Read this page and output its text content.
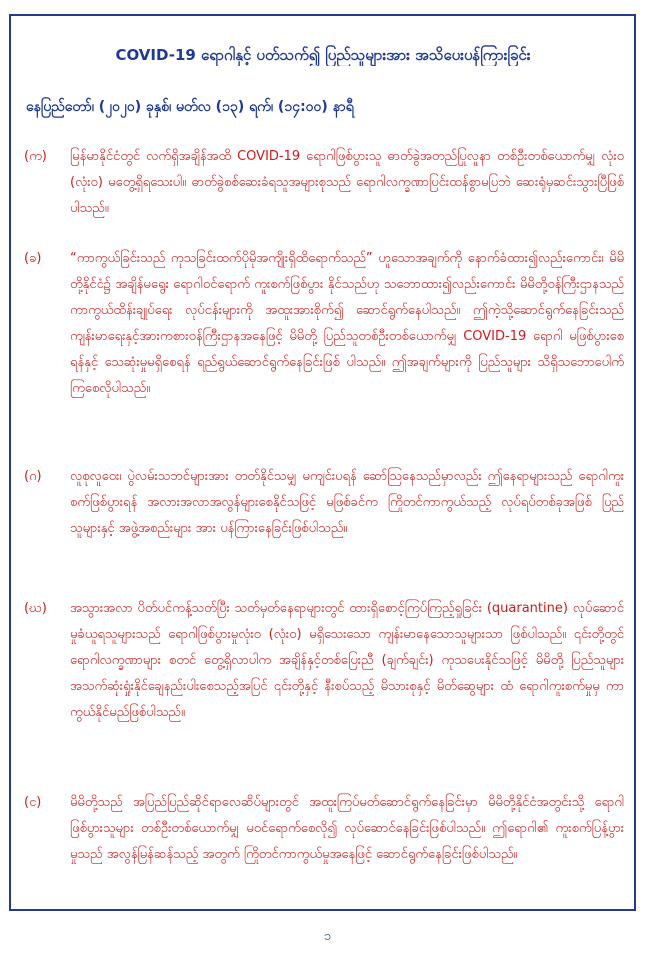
COVID-19 ရောဂါနှင့် ပတ်သက်၍ ပြည်သူများအား အသိပေးပန်ကြားခြင်း
နေပြည်တော်၊ (၂၀၂၀) ခုနှစ်၊ မတ်လ (၁၃) ရက်၊ (၁၄:၀၀) နာရီ
(က)	မြန်မာနိုင်ငံတွင် လက်ရှိအချိန်အထိ COVID-19 ရောဂါဖြစ်ပွားသူ ဓာတ်ခွဲအတည်ပြုလူနာ တစ်ဦးတစ်ယောက်မျှ လုံး၀ (လုံး၀) မတွေ့ရှိရသေးပါ။ ဓာတ်ခွဲစစ်ဆေးခံရသူအများစုသည် ရောဂါလက္ခဏာပြင်းထန်စွာမပြဘဲ ဆေးရုံမှဆင်းသွားပြီဖြစ်ပါသည်။
(ခ)	“ကာကွယ်ခြင်းသည် ကုသခြင်းထက်ပိုမိုအကျိုးရှိထိရောက်သည်” ဟူသောအချက်ကို နောက်ခံထား၍လည်းကောင်း၊ မိမိတို့နိုင်ငံ၌ အချိန်မရွေး ရောဂါဝင်ရောက် ကူးစက်ဖြစ်ပွား နိုင်သည်ဟု သဘောထား၍လည်းကောင်း မိမိတို့ဝန်ကြီးဌာနသည် ကာကွယ်ထိန်းချုပ်ရေး လုပ်ငန်းများကို အထူးအားစိုက်၍ ဆောင်ရွက်နေပါသည်။ ဤကဲ့သို့ဆောင်ရွက်နေခြင်းသည် ကျန်းမာရေးနှင့်အားကစားဝန်ကြီးဌာနအနေဖြင့် မိမိတို့ ပြည်သူတစ်ဦးတစ်ယောက်မျှ COVID-19 ရောဂါ မဖြစ်ပွားစေရန်နှင့် သေဆုံးမှုမရှိစေရန် ရည်ရွယ်ဆောင်ရွက်နေခြင်းဖြစ် ပါသည်။ ဤအချက်များကို ပြည်သူများ သိရှိသဘောပေါက်ကြစေလိုပါသည်။
(ဂ)	လူစုလူဝေး၊ ပွဲလမ်းသဘင်များအား တတ်နိုင်သမျှ မကျင်းပရန် ဆော်ဩနေသည်မှာလည်း ဤနေရာများသည် ရောဂါကူးစက်ဖြစ်ပွားရန် အလားအလာအလွန်များစေနိုင်သဖြင့် မဖြစ်ခင်က ကြိုတင်ကာကွယ်သည့် လုပ်ရပ်တစ်ခုအဖြစ် ပြည်သူများနှင့် အဖွဲ့အစည်းများ အား ပန်ကြားနေခြင်းဖြစ်ပါသည်။
(ဃ)	အသွားအလာ ပိတ်ပင်ကန့်သတ်ပြီး သတ်မှတ်နေရာများတွင် ထားရှိစောင့်ကြပ်ကြည့်ရှုခြင်း (quarantine) လုပ်ဆောင်မှုခံယူရသူများသည် ရောဂါဖြစ်ပွားမှုလုံး၀ (လုံး၀) မရှိသေးသော ကျန်းမာနေသောသူများသာ ဖြစ်ပါသည်။ ၎င်းတို့တွင် ရောဂါလက္ခဏာများ စတင် တွေ့ရှိလာပါက အချိန်နှင့်တစ်ပြေးညီ (ချက်ချင်း) ကုသပေးနိုင်သဖြင့် မိမိတို့ ပြည်သူများ အသက်ဆုံးရှုံးနိုင်ချေနည်းပါးစေသည့်အပြင် ၎င်းတို့နှင့် နီးစပ်သည့် မိသားစုနှင့် မိတ်ဆွေများ ထံ ရောဂါကူးစက်မှုမှ ကာကွယ်နိုင်မည်ဖြစ်ပါသည်။
(င)	မိမိတို့သည် အပြည်ပြည်ဆိုင်ရာလေဆိပ်များတွင် အထူးကြပ်မတ်ဆောင်ရွက်နေခြင်းမှာ မိမိတို့နိုင်ငံအတွင်းသို့ ရောဂါဖြစ်ပွားသူများ တစ်ဦးတစ်ယောက်မျှ မဝင်ရောက်စေလို၍ လုပ်ဆောင်နေခြင်းဖြစ်ပါသည်။ ဤရောဂါ၏ ကူးစက်ပြန့်ပွားမှုသည် အလွန်မြန်ဆန်သည့် အတွက် ကြိုတင်ကာကွယ်မှုအနေဖြင့် ဆောင်ရွက်နေခြင်းဖြစ်ပါသည်။
၁
